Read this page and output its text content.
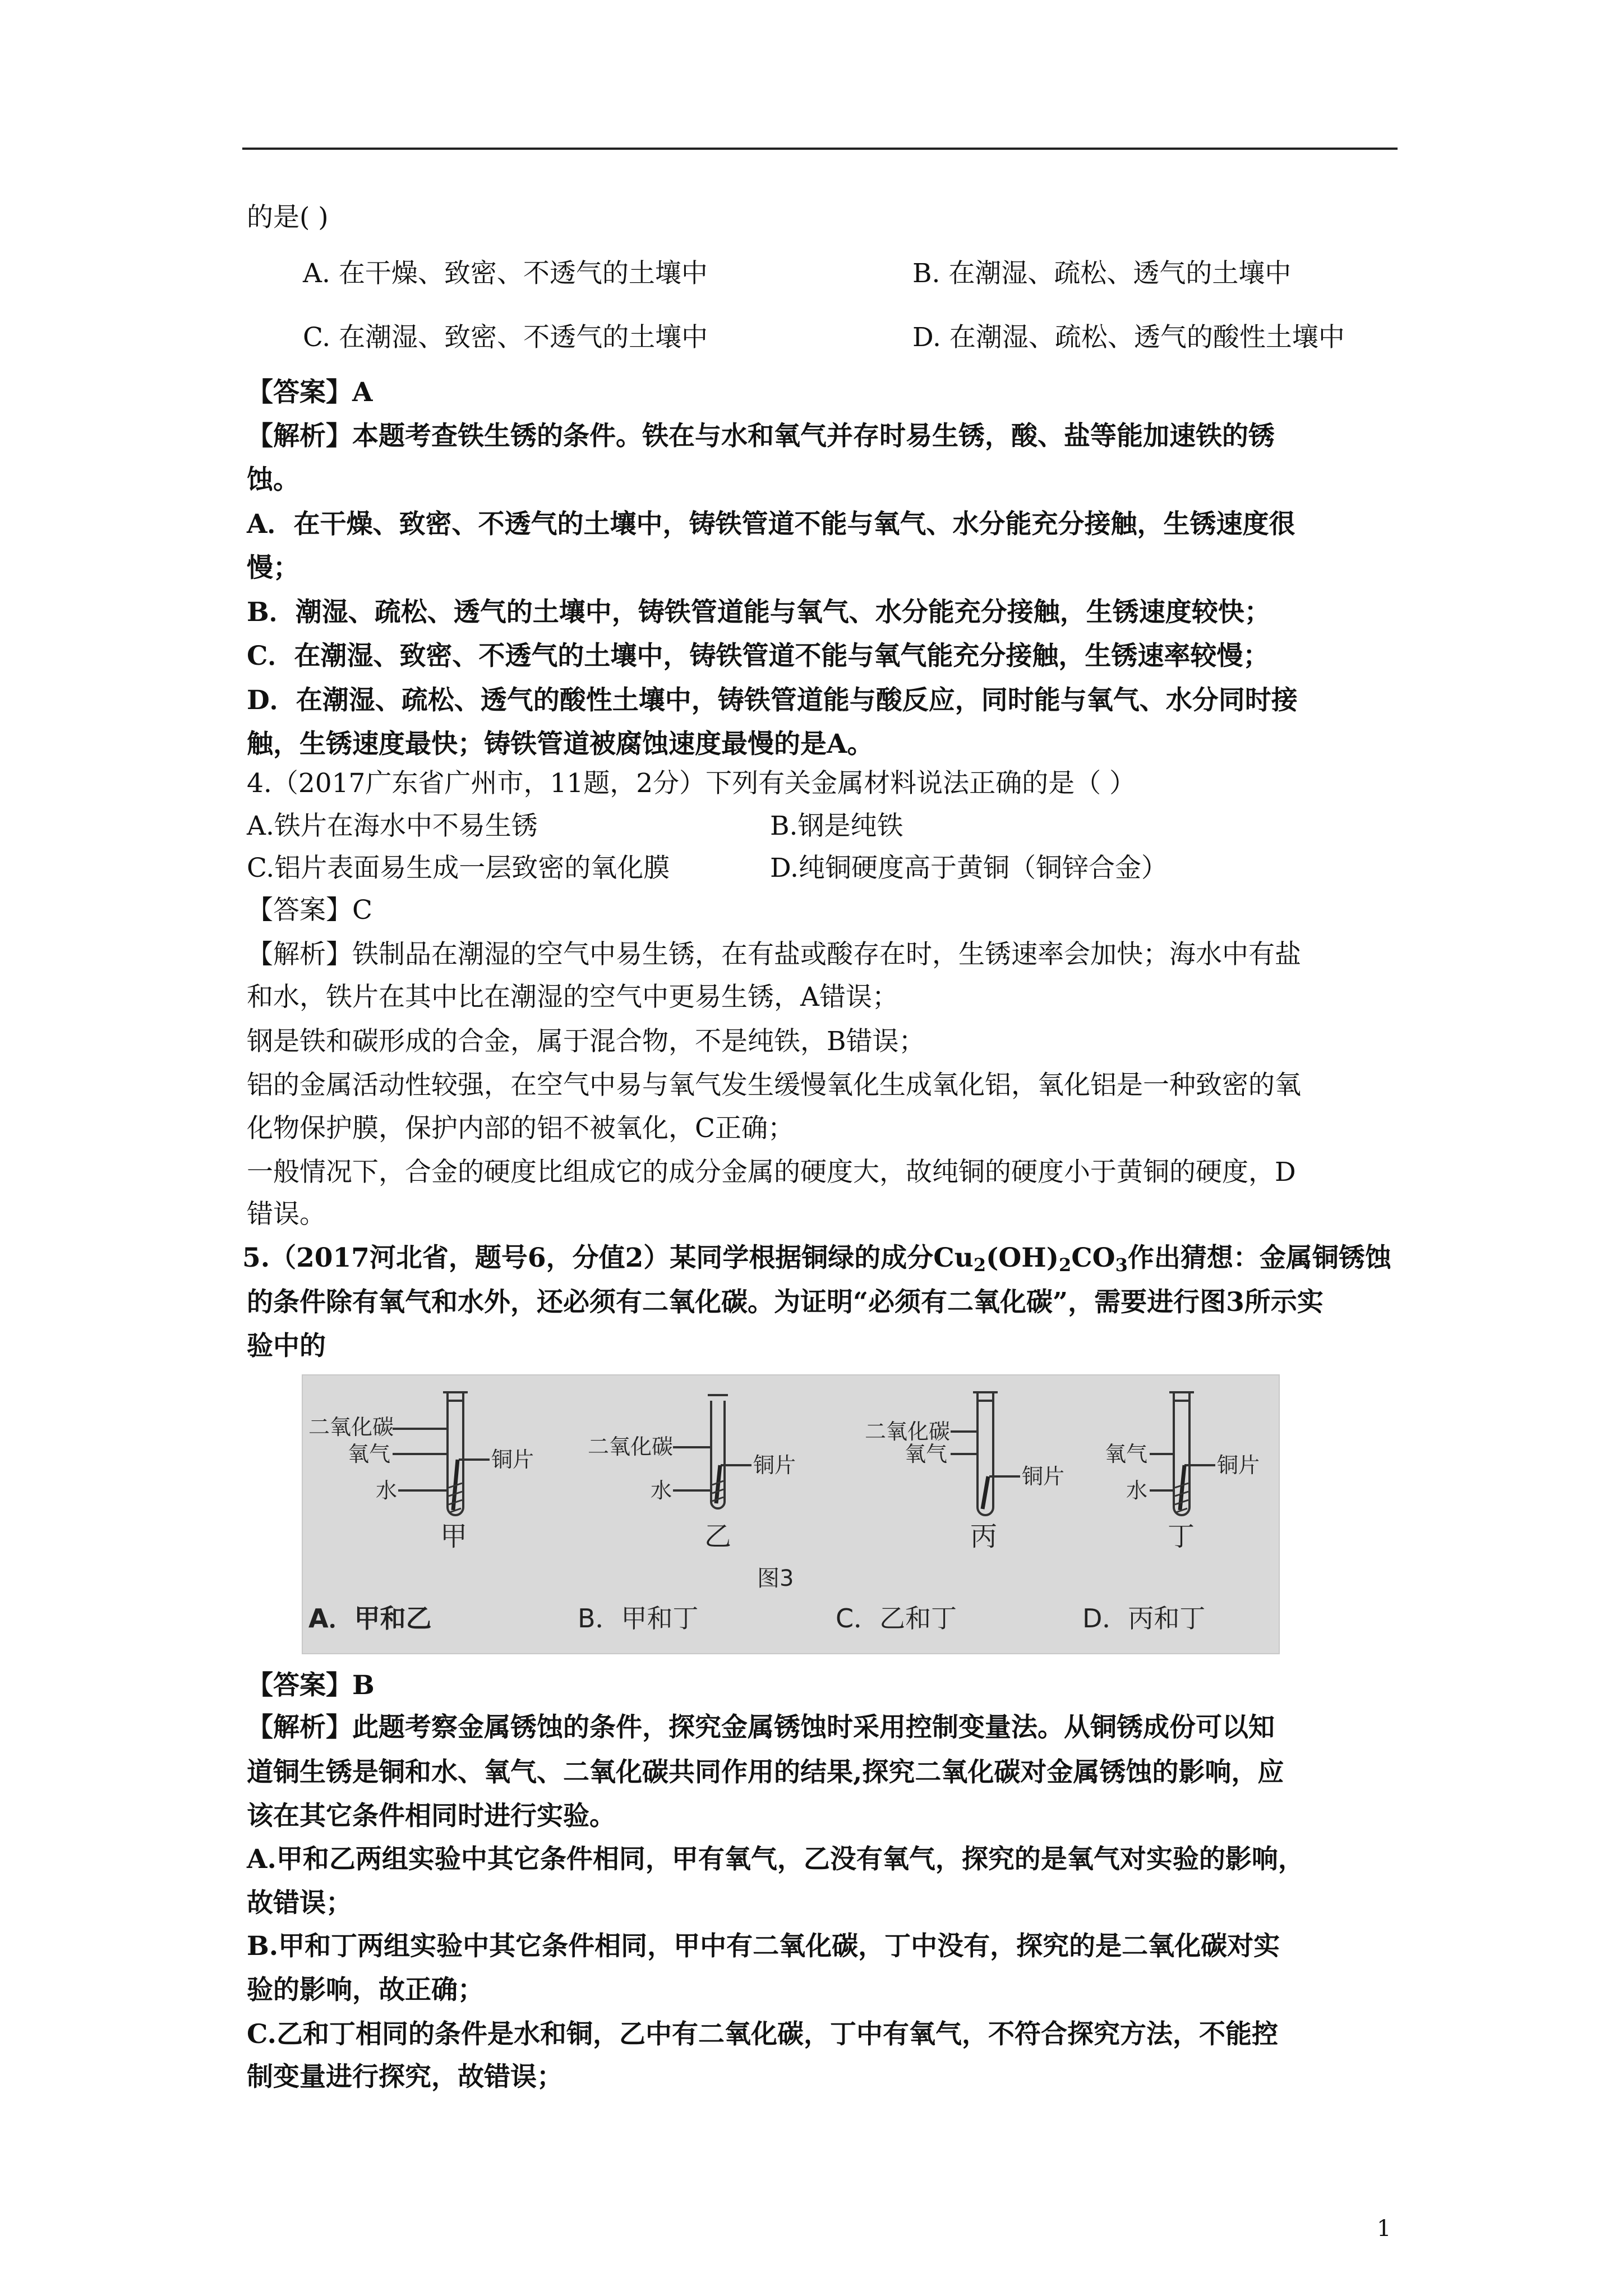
的是( )
A. 在干燥、致密、不透气的土壤中	B. 在潮湿、疏松、透气的土壤中
C. 在潮湿、致密、不透气的土壤中	D. 在潮湿、疏松、透气的酸性土壤中
【答案】A
【解析】本题考查铁生锈的条件。铁在与水和氧气并存时易生锈，酸、盐等能加速铁的锈
蚀。
A．在干燥、致密、不透气的土壤中，铸铁管道不能与氧气、水分能充分接触，生锈速度很
慢；
B．潮湿、疏松、透气的土壤中，铸铁管道能与氧气、水分能充分接触，生锈速度较快；
C．在潮湿、致密、不透气的土壤中，铸铁管道不能与氧气能充分接触，生锈速率较慢；
D．在潮湿、疏松、透气的酸性土壤中，铸铁管道能与酸反应，同时能与氧气、水分同时接
触，生锈速度最快；铸铁管道被腐蚀速度最慢的是A。
4.（2017广东省广州市，11题，2分）下列有关金属材料说法正确的是（ ）
A.铁片在海水中不易生锈	B.钢是纯铁
C.铝片表面易生成一层致密的氧化膜	D.纯铜硬度高于黄铜（铜锌合金）
【答案】C
【解析】铁制品在潮湿的空气中易生锈，在有盐或酸存在时，生锈速率会加快；海水中有盐
和水，铁片在其中比在潮湿的空气中更易生锈，A错误；
钢是铁和碳形成的合金，属于混合物，不是纯铁，B错误；
铝的金属活动性较强，在空气中易与氧气发生缓慢氧化生成氧化铝，氧化铝是一种致密的氧
化物保护膜，保护内部的铝不被氧化，C正确；
一般情况下，合金的硬度比组成它的成分金属的硬度大，故纯铜的硬度小于黄铜的硬度，D
错误。
5.（2017河北省，题号6，分值2）某同学根据铜绿的成分$Cu_2(OH)_2CO_3$作出猜想：金属铜锈蚀
的条件除有氧气和水外，还必须有二氧化碳。为证明“必须有二氧化碳”，需要进行图3所示实
验中的
二氧化碳
氧气
水
铜片
甲
二氧化碳
水
铜片
乙
二氧化碳
氧气
铜片
丙
氧气
水
铜片
丁
图3
A．甲和乙	B．甲和丁	C．乙和丁	D．丙和丁
【答案】B
【解析】此题考察金属锈蚀的条件，探究金属锈蚀时采用控制变量法。从铜锈成份可以知
道铜生锈是铜和水、氧气、二氧化碳共同作用的结果,探究二氧化碳对金属锈蚀的影响，应
该在其它条件相同时进行实验。
A.甲和乙两组实验中其它条件相同，甲有氧气，乙没有氧气，探究的是氧气对实验的影响，
故错误；
B.甲和丁两组实验中其它条件相同，甲中有二氧化碳，丁中没有，探究的是二氧化碳对实
验的影响，故正确；
C.乙和丁相同的条件是水和铜，乙中有二氧化碳，丁中有氧气，不符合探究方法，不能控
制变量进行探究，故错误；
1
